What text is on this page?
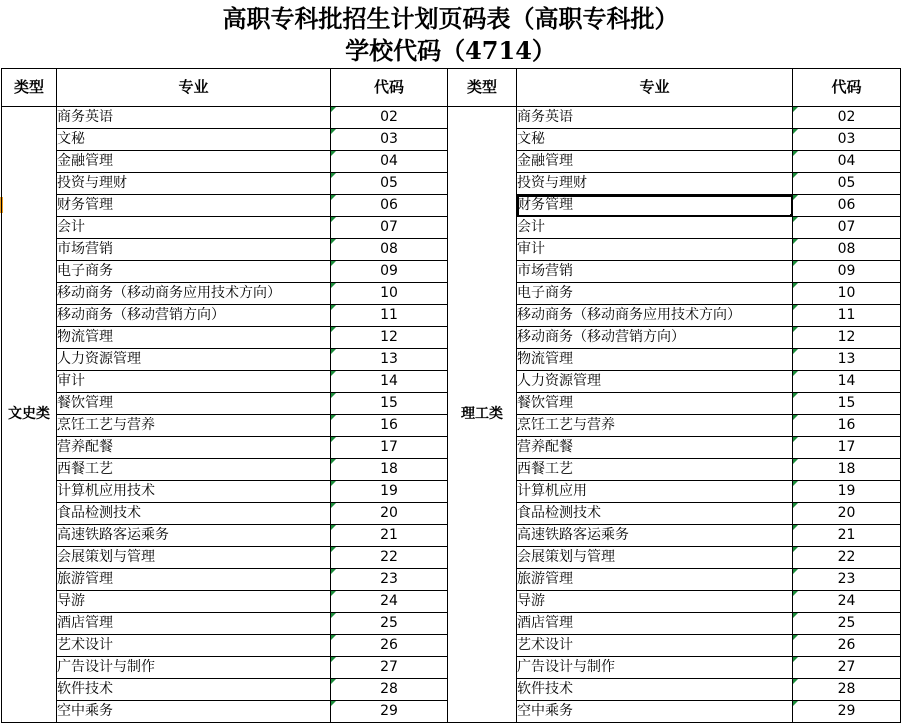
高职专科批招生计划页码表（高职专科批）
学校代码（4714）
类型	专业	代码	类型	专业	代码
文史类	商务英语	02	理工类	商务英语	02
	文秘	03		文秘	03
	金融管理	04		金融管理	04
	投资与理财	05		投资与理财	05
	财务管理	06		财务管理	06
	会计	07		会计	07
	市场营销	08		审计	08
	电子商务	09		市场营销	09
	移动商务（移动商务应用技术方向）	10		电子商务	10
	移动商务（移动营销方向）	11		移动商务（移动商务应用技术方向）	11
	物流管理	12		移动商务（移动营销方向）	12
	人力资源管理	13		物流管理	13
	审计	14		人力资源管理	14
	餐饮管理	15		餐饮管理	15
	烹饪工艺与营养	16		烹饪工艺与营养	16
	营养配餐	17		营养配餐	17
	西餐工艺	18		西餐工艺	18
	计算机应用技术	19		计算机应用	19
	食品检测技术	20		食品检测技术	20
	高速铁路客运乘务	21		高速铁路客运乘务	21
	会展策划与管理	22		会展策划与管理	22
	旅游管理	23		旅游管理	23
	导游	24		导游	24
	酒店管理	25		酒店管理	25
	艺术设计	26		艺术设计	26
	广告设计与制作	27		广告设计与制作	27
	软件技术	28		软件技术	28
	空中乘务	29		空中乘务	29
